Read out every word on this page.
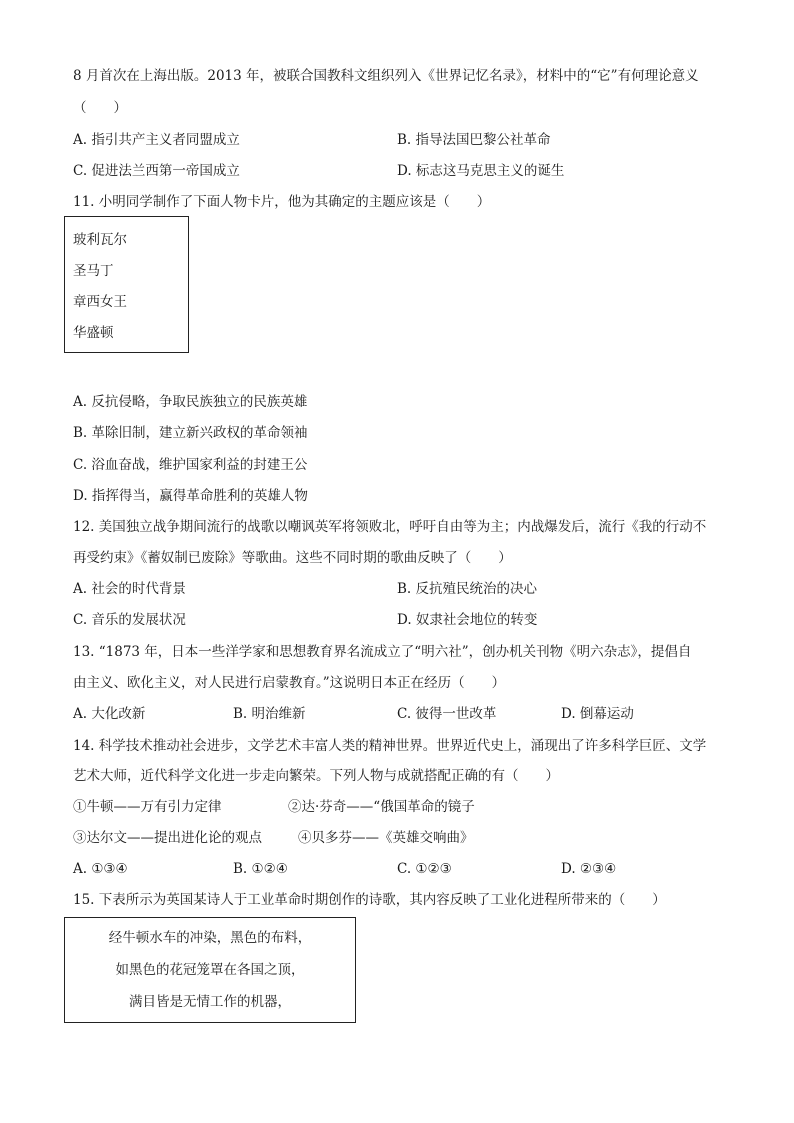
8 月首次在上海出版。2013 年，被联合国教科文组织列入《世界记忆名录》，材料中的“它”有何理论意义
（　　）
A. 指引共产主义者同盟成立	B. 指导法国巴黎公社革命
C. 促进法兰西第一帝国成立	D. 标志这马克思主义的诞生
11. 小明同学制作了下面人物卡片，他为其确定的主题应该是（　　）
玻利瓦尔
圣马丁
章西女王
华盛顿
A. 反抗侵略，争取民族独立的民族英雄
B. 革除旧制，建立新兴政权的革命领袖
C. 浴血奋战，维护国家利益的封建王公
D. 指挥得当，赢得革命胜利的英雄人物
12. 美国独立战争期间流行的战歌以嘲讽英军将领败北，呼吁自由等为主；内战爆发后，流行《我的行动不
再受约束》《蓄奴制已废除》等歌曲。这些不同时期的歌曲反映了（　　）
A. 社会的时代背景	B. 反抗殖民统治的决心
C. 音乐的发展状况	D. 奴隶社会地位的转变
13. “1873 年，日本一些洋学家和思想教育界名流成立了“明六社”，创办机关刊物《明六杂志》，提倡自
由主义、欧化主义，对人民进行启蒙教育。”这说明日本正在经历（　　）
A. 大化改新	B. 明治维新	C. 彼得一世改革	D. 倒幕运动
14. 科学技术推动社会进步，文学艺术丰富人类的精神世界。世界近代史上，涌现出了许多科学巨匠、文学
艺术大师，近代科学文化进一步走向繁荣。下列人物与成就搭配正确的有（　　）
①牛顿——万有引力定律	②达·芬奇——“俄国革命的镜子
③达尔文——提出进化论的观点	④贝多芬——《英雄交响曲》
A. ①③④	B. ①②④	C. ①②③	D. ②③④
15. 下表所示为英国某诗人于工业革命时期创作的诗歌，其内容反映了工业化进程所带来的（　　）
经牛顿水车的冲染，黑色的布料，
如黑色的花冠笼罩在各国之顶，
满目皆是无情工作的机器，
